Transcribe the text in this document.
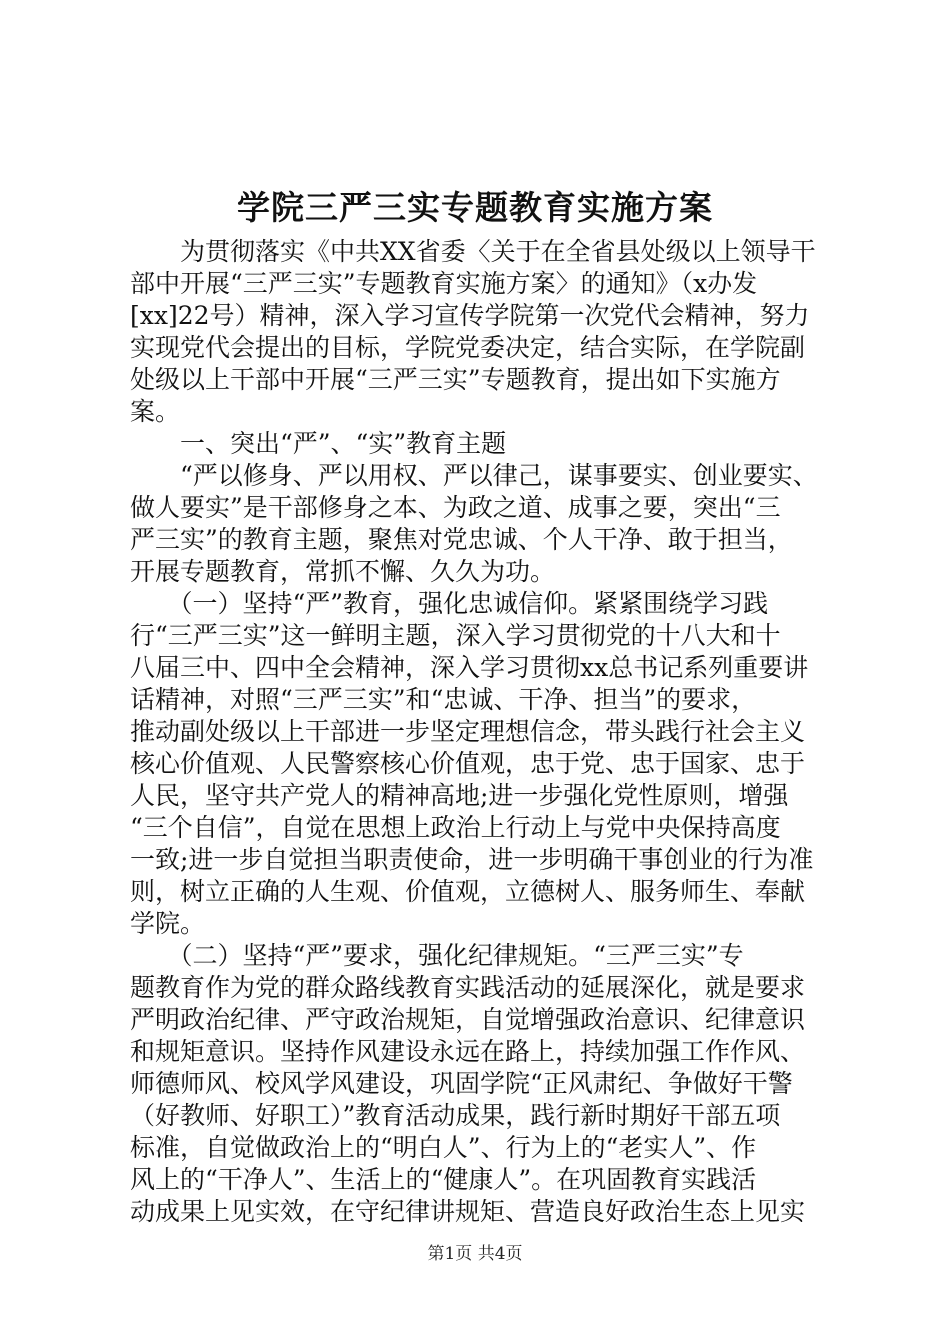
学院三严三实专题教育实施方案
　　为贯彻落实《中共XX省委〈关于在全省县处级以上领导干
部中开展“三严三实”专题教育实施方案〉的通知》（x办发
[xx]22号）精神，深入学习宣传学院第一次党代会精神，努力
实现党代会提出的目标，学院党委决定，结合实际，在学院副
处级以上干部中开展“三严三实”专题教育，提出如下实施方
案。
　　一、突出“严”、“实”教育主题
　　“严以修身、严以用权、严以律己，谋事要实、创业要实、
做人要实”是干部修身之本、为政之道、成事之要，突出“三
严三实”的教育主题，聚焦对党忠诚、个人干净、敢于担当，
开展专题教育，常抓不懈、久久为功。
　　（一）坚持“严”教育，强化忠诚信仰。紧紧围绕学习践
行“三严三实”这一鲜明主题，深入学习贯彻党的十八大和十
八届三中、四中全会精神，深入学习贯彻xx总书记系列重要讲
话精神，对照“三严三实”和“忠诚、干净、担当”的要求，
推动副处级以上干部进一步坚定理想信念，带头践行社会主义
核心价值观、人民警察核心价值观，忠于党、忠于国家、忠于
人民，坚守共产党人的精神高地;进一步强化党性原则，增强
“三个自信”，自觉在思想上政治上行动上与党中央保持高度
一致;进一步自觉担当职责使命，进一步明确干事创业的行为准
则，树立正确的人生观、价值观，立德树人、服务师生、奉献
学院。
　　（二）坚持“严”要求，强化纪律规矩。“三严三实”专
题教育作为党的群众路线教育实践活动的延展深化，就是要求
严明政治纪律、严守政治规矩，自觉增强政治意识、纪律意识
和规矩意识。坚持作风建设永远在路上，持续加强工作作风、
师德师风、校风学风建设，巩固学院“正风肃纪、争做好干警
（好教师、好职工）”教育活动成果，践行新时期好干部五项
标准，自觉做政治上的“明白人”、行为上的“老实人”、作
风上的“干净人”、生活上的“健康人”。在巩固教育实践活
动成果上见实效，在守纪律讲规矩、营造良好政治生态上见实
第1页 共4页
